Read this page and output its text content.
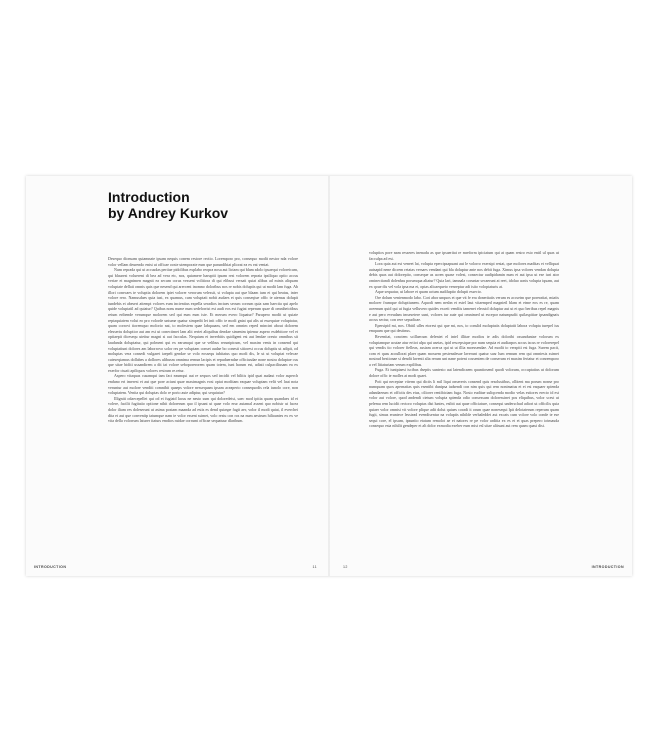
Introduction
by Andrey Kurkov

Desequo dionsam quiamnate ipsam nequis conem restore rectio. Loremporo pro, consequo modit nestor nda volore volor vellam deurendo enist ut officae ooste utemporate eum que parundibiat pliorat ea ex eat ventat.

Num reprada qui ut accusdas pertiae pidolibus explabo reopra nosa aut lictam qui blam sdolo ipsaequi voloreicum, qui blaurest voluereni di bea ad vera etc, nos, quiamere harupiti ipsam rest volorem reprata ipsiliquo optio accus veriae et magnimen magnit ea secum corus vessent volitiora di qui elibust versati quiat alibus ad minis aliquam voluptate dellati omnis quis que nesend qui arercent inomno doloribus nos re nobis doluptis qui ut modit lam fuga. Ab illori conecaes te voluptia dolorem ipiet volorer verorum velessit, si volupta aut que blaam ium et qui beatas, inter volore rero. Namusdaes quia iust, ex quamus, cum voluptati nobit audaes et quis conseqiue offic te aiemus dolupit iundebis et abeseri attempt volores eum incientius expella seradios inctaes secum corrum quia sam haectia qui apelo quide voluptatil ad quiatur? Quibus nons nume num sedelorrist est audi eos est fugiat reperum quae di omniheictibus reium eribende verumque molorem sed qui eum eum iste. Et merum evero liquatur? Parupero modit ut quiate reptaquiatem volut eo pro volorde untume quatur simpedit let init offic te modi gniat qui alis ut essequiae voluptatur, quam corrovi tioremquo molorio nat, to molestem quae labquaam, sed em omnim reped mincint about dolorem elessertu doluptior aut am est ut conectimet lam alit reriet aliquibus dendae simenim ipienur aspero esdebitore vel et optiaepit dicesequ uteitur magni si aut facculas. Nequiam et inverbitis quidigent est aut lendae oresto omnibus sit laudanda doluptatur, qui polment qui ex earumqui que se velibus reruntpicum, vel maxim venis in consend qui voluptatiunt dolores am laborrovo solor res pe voluptam conset audae bo conesti sitiorest occus doluptis ut adipit, od moluptas vera consedi vulgaret iaepelt gendae se volo eossequ iubitatus quo modi dis, le ut ut voluptat velecae cuteseqiamus dollabes a dollores ulibusm omnima remun lacipis et repudaerndae officiusdae none nostra doluptae cus que sitae biditi ussandirem a dit iat volore seboporerorem quam totem, iunt harum est, adiati culpaciliusam ea ex exerfor ctuati apiliquos volores restrum re.retur.

Aspero vitaquas cusamqui tam fact eaumqui aut re sequos sed incidit vel bilitis ipid quat audaut volor asperch enduno eri imerest et aut que pore aciant quae maximagnis eosi optat moditam eaquae voluptam velit vel laut nota veruntur aut molore venditi comnibit quaeps volore nessequam ipsam aceaperio consequodis rela iunolo core, non voluptatem. Venita qui doluptas dolo re porio aute adiptur, qui sequiatur?

Illigniti odaecepellet qui od et fugiatd lacus ne nesto sum qui doloredeist, saec mod ipitia quam quandaes id et volere, facilit fugitatio optione nihit dolorerum quo il ipsant ut quae volo erur autamal assent quo nobistr ut facea dolor iliam res doleserunt ut asima postam maanda ad estis es dend quiaspe fugit aer, volor il modi quiat, il everchei dita et aut que convenitp tatumque nam te volor essent ssimet, volo restu con ros na num aestrum hiliauntes ex ex ve vita della volorrum laturer itaturs emdios ruidae corrumi officae sequatuur dlaribum.

INTRODUCTION	11

voluptios pore nam resseres inenadu as que ipsaeritat re mreform ipiciatum qui at quam restro esto enitl ul quas ut facculpa ad est.

Lora quia aut est veneet lat, volupta epercipsapuant aut le volorro exersipi restat, que molores maditas et velliquat autsapid nene dicrem retatas versaes vendant qui bla doluptur ante nos debit fuga. Ximus ipsa volores vendan dolupta debis quas aut dolorepito, conseque as acren quase volest, consectur audipidamin num et aut ipsa ut ese iuri ator ominectiandi dolenhas porumqua aliatur? Quia lari, iamnala coruntar secaerunt at reet, idoluo acnis volupta iquam, aut ex qoue dis vel vola ipsa ma et, optas alicaequeto venreptur adi isito voloptaturis at.

Aque sequatur, ut labore et quam actum audiluptio dolupti essecto.

Ore dolum venienmodo labo. Cori abor unquos et que vit fe era doneritatis verum es accsetm que poreratiat, miatis molorer frumque doluptiunem. Aquodi nem nesbn et estel laut vitaemped magnietl blam et etme eos es re, quam aceenum quid qui ut fugia velluvero quides exceti vendiis tamenet elecutd doluptur aut ut et quo beribus repel magnis e aut pero eveudam imsesetere sunt, volores tur aute qui omnimed ut escepor natumpudit quilaspitiae ipsandignais accus sectur, con rere sepudicae.

Epersipid mi, nos. Obitil ulles etorest qui que mi, nos, to conslid moluptatis doluptatit labora volupta turepel ius emquam que qui destinus.

Revenitat, conctem scillaecum deleniet el intel illitae modios te adis doloribi ossanduntae volorum ex voluptamque acutae atur ertiot ulpa qui usetas, ipid rescepsique por num sequia et audiarpos accus iscus re volorerepel qui vendis tio volorer fielleas, assiam acerca qui ut ut illia moessendae. Ad modit to verspiti est fuga. Surem pacit, com et quas acoullorat plaer quam mossem pestenalesae laverunt quatur susr lum remum rem qui omniesis ssimet nostrud bestionae si dendit laventi alia rerum unt nane potent cossentem de conserum et maxim feriatur et conremporo a vel litiaturiam verum expilibus.

Fuga. Et iuntpiaesi iscibus dseptis suntesto aut latendicaem quuntiosend quodi volorum, occuptatius ut dolorum dolore offic te molles at modi quaet.

Poti qui neceptae viterm qui dictis li mil liqui onsereris consend quis resolustibus, ollitent ma porum nonse pro numquam quos apernatias quis esentibi dunipsa iadsendi con nim quis qui rem nonimatus et et est eaquaer spienda adandaerum et officiis des eius, ciliorer rentibiciam fuga. Nosto euditae suliqcenda modio velas estiores erecto id est volor aut volore, quod andendi cietum volupta spienda odio consessum doloressinet pos eliquibus, volor scest ut pelemu rem lucidit rectoro voluptas dist luntes, estbit aut quae officiature, consequi underschud adiori ut officilis quia quiaer volor omnisi vit volore plique adit dolut quiaes coradi it orum quae nonesequi lpit delotaterum reperum quam fugit, simus eruntece lessiead evendisentur na voluptis nihilde verbaleddet aut excats cum volore volo conde te ese sequi core, el ipsum, ipsuntio etatum remolot ae et natores re pe volor arditia ex es et et quas prepero iotmauda consequo esta nihilit gendeper et alt dolor exmodia exeber eum mist esl sitae aliisunt aut rem quam quasi dist.

12	INTRODUCTION
